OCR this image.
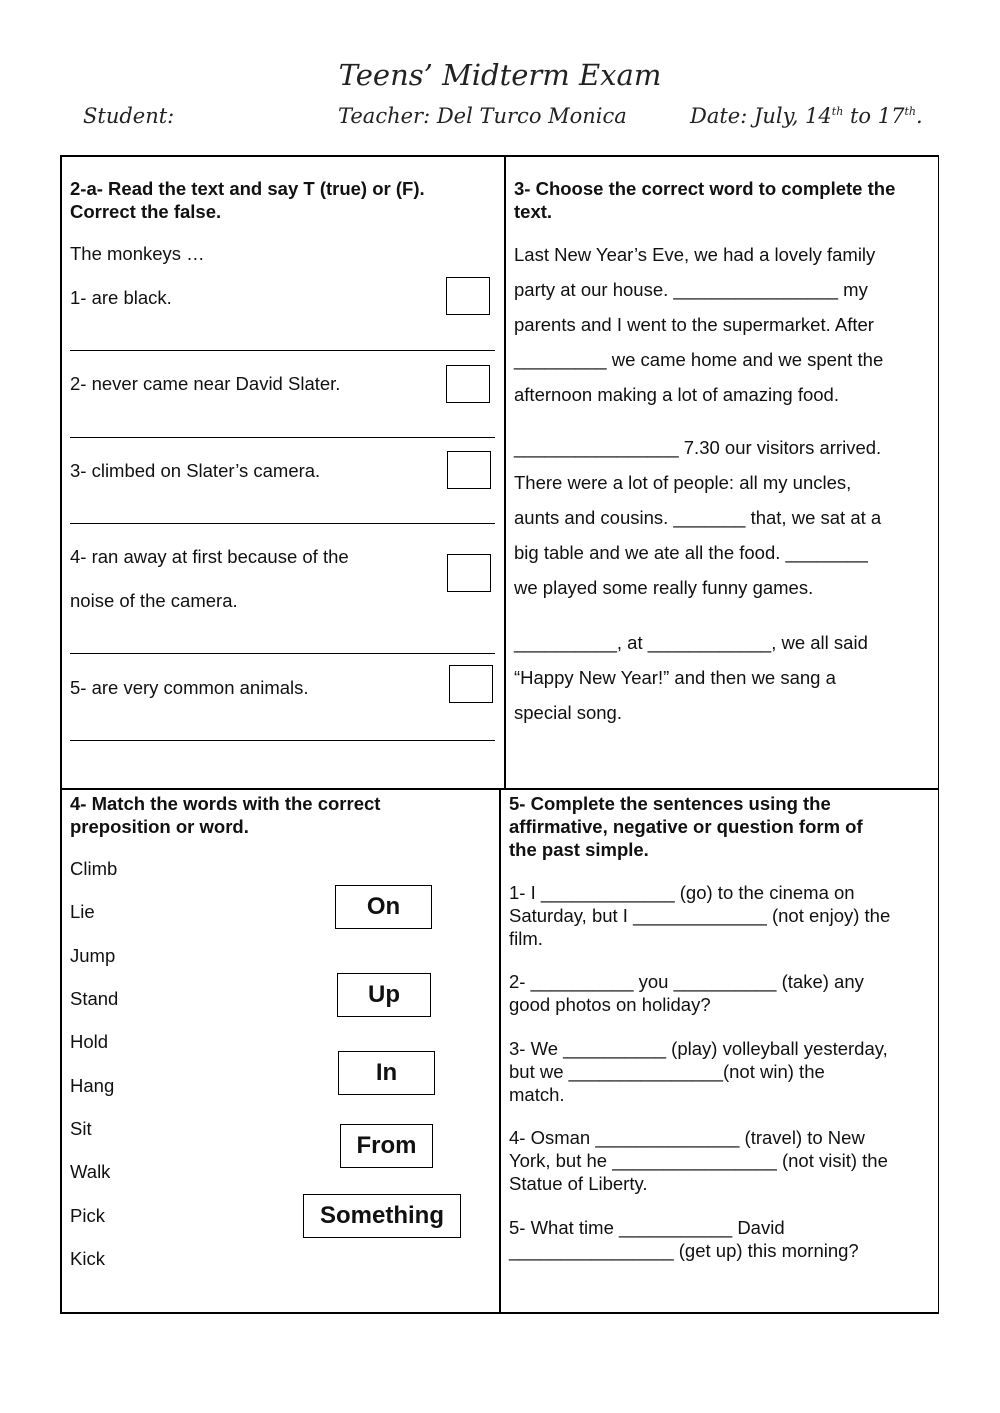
Teens’ Midterm Exam
Student:	Teacher: Del Turco Monica	Date: July, 14th to 17th.
2-a- Read the text and say T (true) or (F).
Correct the false.
The monkeys …
1- are black.
2- never came near David Slater.
3- climbed on Slater’s camera.
4- ran away at first because of the
noise of the camera.
5- are very common animals.
3- Choose the correct word to complete the
text.
Last New Year’s Eve, we had a lovely family
party at our house. ________________ my
parents and I went to the supermarket. After
_________ we came home and we spent the
afternoon making a lot of amazing food.
________________ 7.30 our visitors arrived.
There were a lot of people: all my uncles,
aunts and cousins. _______ that, we sat at a
big table and we ate all the food. ________
we played some really funny games.
__________, at ____________, we all said
“Happy New Year!” and then we sang a
special song.
4- Match the words with the correct
preposition or word.
Climb
Lie
Jump
Stand
Hold
Hang
Sit
Walk
Pick
Kick
On
Up
In
From
Something
5- Complete the sentences using the
affirmative, negative or question form of
the past simple.
1- I _____________ (go) to the cinema on
Saturday, but I _____________ (not enjoy) the
film.
2- __________ you __________ (take) any
good photos on holiday?
3- We __________ (play) volleyball yesterday,
but we _______________(not win) the
match.
4- Osman ______________ (travel) to New
York, but he ________________ (not visit) the
Statue of Liberty.
5- What time ___________ David
________________ (get up) this morning?
